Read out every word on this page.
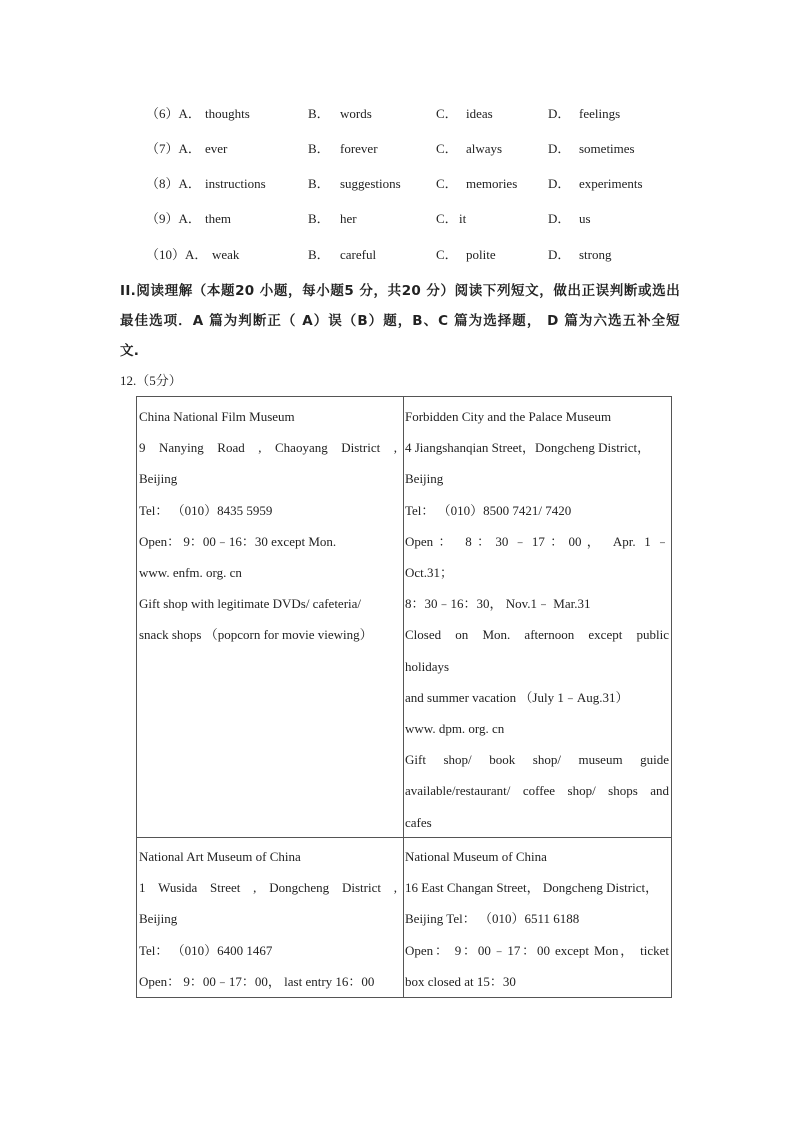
（6）A． thoughts	B． words	C． ideas	D． feelings
（7）A． ever	B． forever	C． always	D． sometimes
（8）A． instructions	B． suggestions	C． memories D． experiments
（9）A． them	B． her	C． it	D． us
（10）A． weak	B． careful	C． polite	D． strong
II.阅读理解（本题20 小题，每小题5 分，共20 分）阅读下列短文，做出正误判断或选出
最佳选项．A 篇为判断正（ A）误（B）题，B、C 篇为选择题， D 篇为六选五补全短
文.
12.（5分）
China National Film Museum
9 Nanying Road , Chaoyang District ,
Beijing
Tel： （010）8435 5959
Open： 9：00﹣16：30 except Mon.
www. enfm. org. cn
Gift shop with legitimate DVDs/ cafeteria/
snack shops （popcorn for movie viewing）
Forbidden City and the Palace Museum
4 Jiangshanqian Street，Dongcheng District，
Beijing
Tel： （010）8500 7421/ 7420
Open： 8：30﹣17：00， Apr. 1﹣
Oct.31；
8：30﹣16：30， Nov.1﹣ Mar.31
Closed on Mon. afternoon except public
holidays
and summer vacation （July 1﹣Aug.31）
www. dpm. org. cn
Gift shop/ book shop/ museum guide
available/restaurant/ coffee shop/ shops and
cafes
National Art Museum of China
1 Wusida Street , Dongcheng District ,
Beijing
Tel： （010）6400 1467
Open： 9：00﹣17：00， last entry 16：00
National Museum of China
16 East Changan Street， Dongcheng District，
Beijing Tel： （010）6511 6188
Open： 9：00﹣17：00 except Mon， ticket
box closed at 15：30
